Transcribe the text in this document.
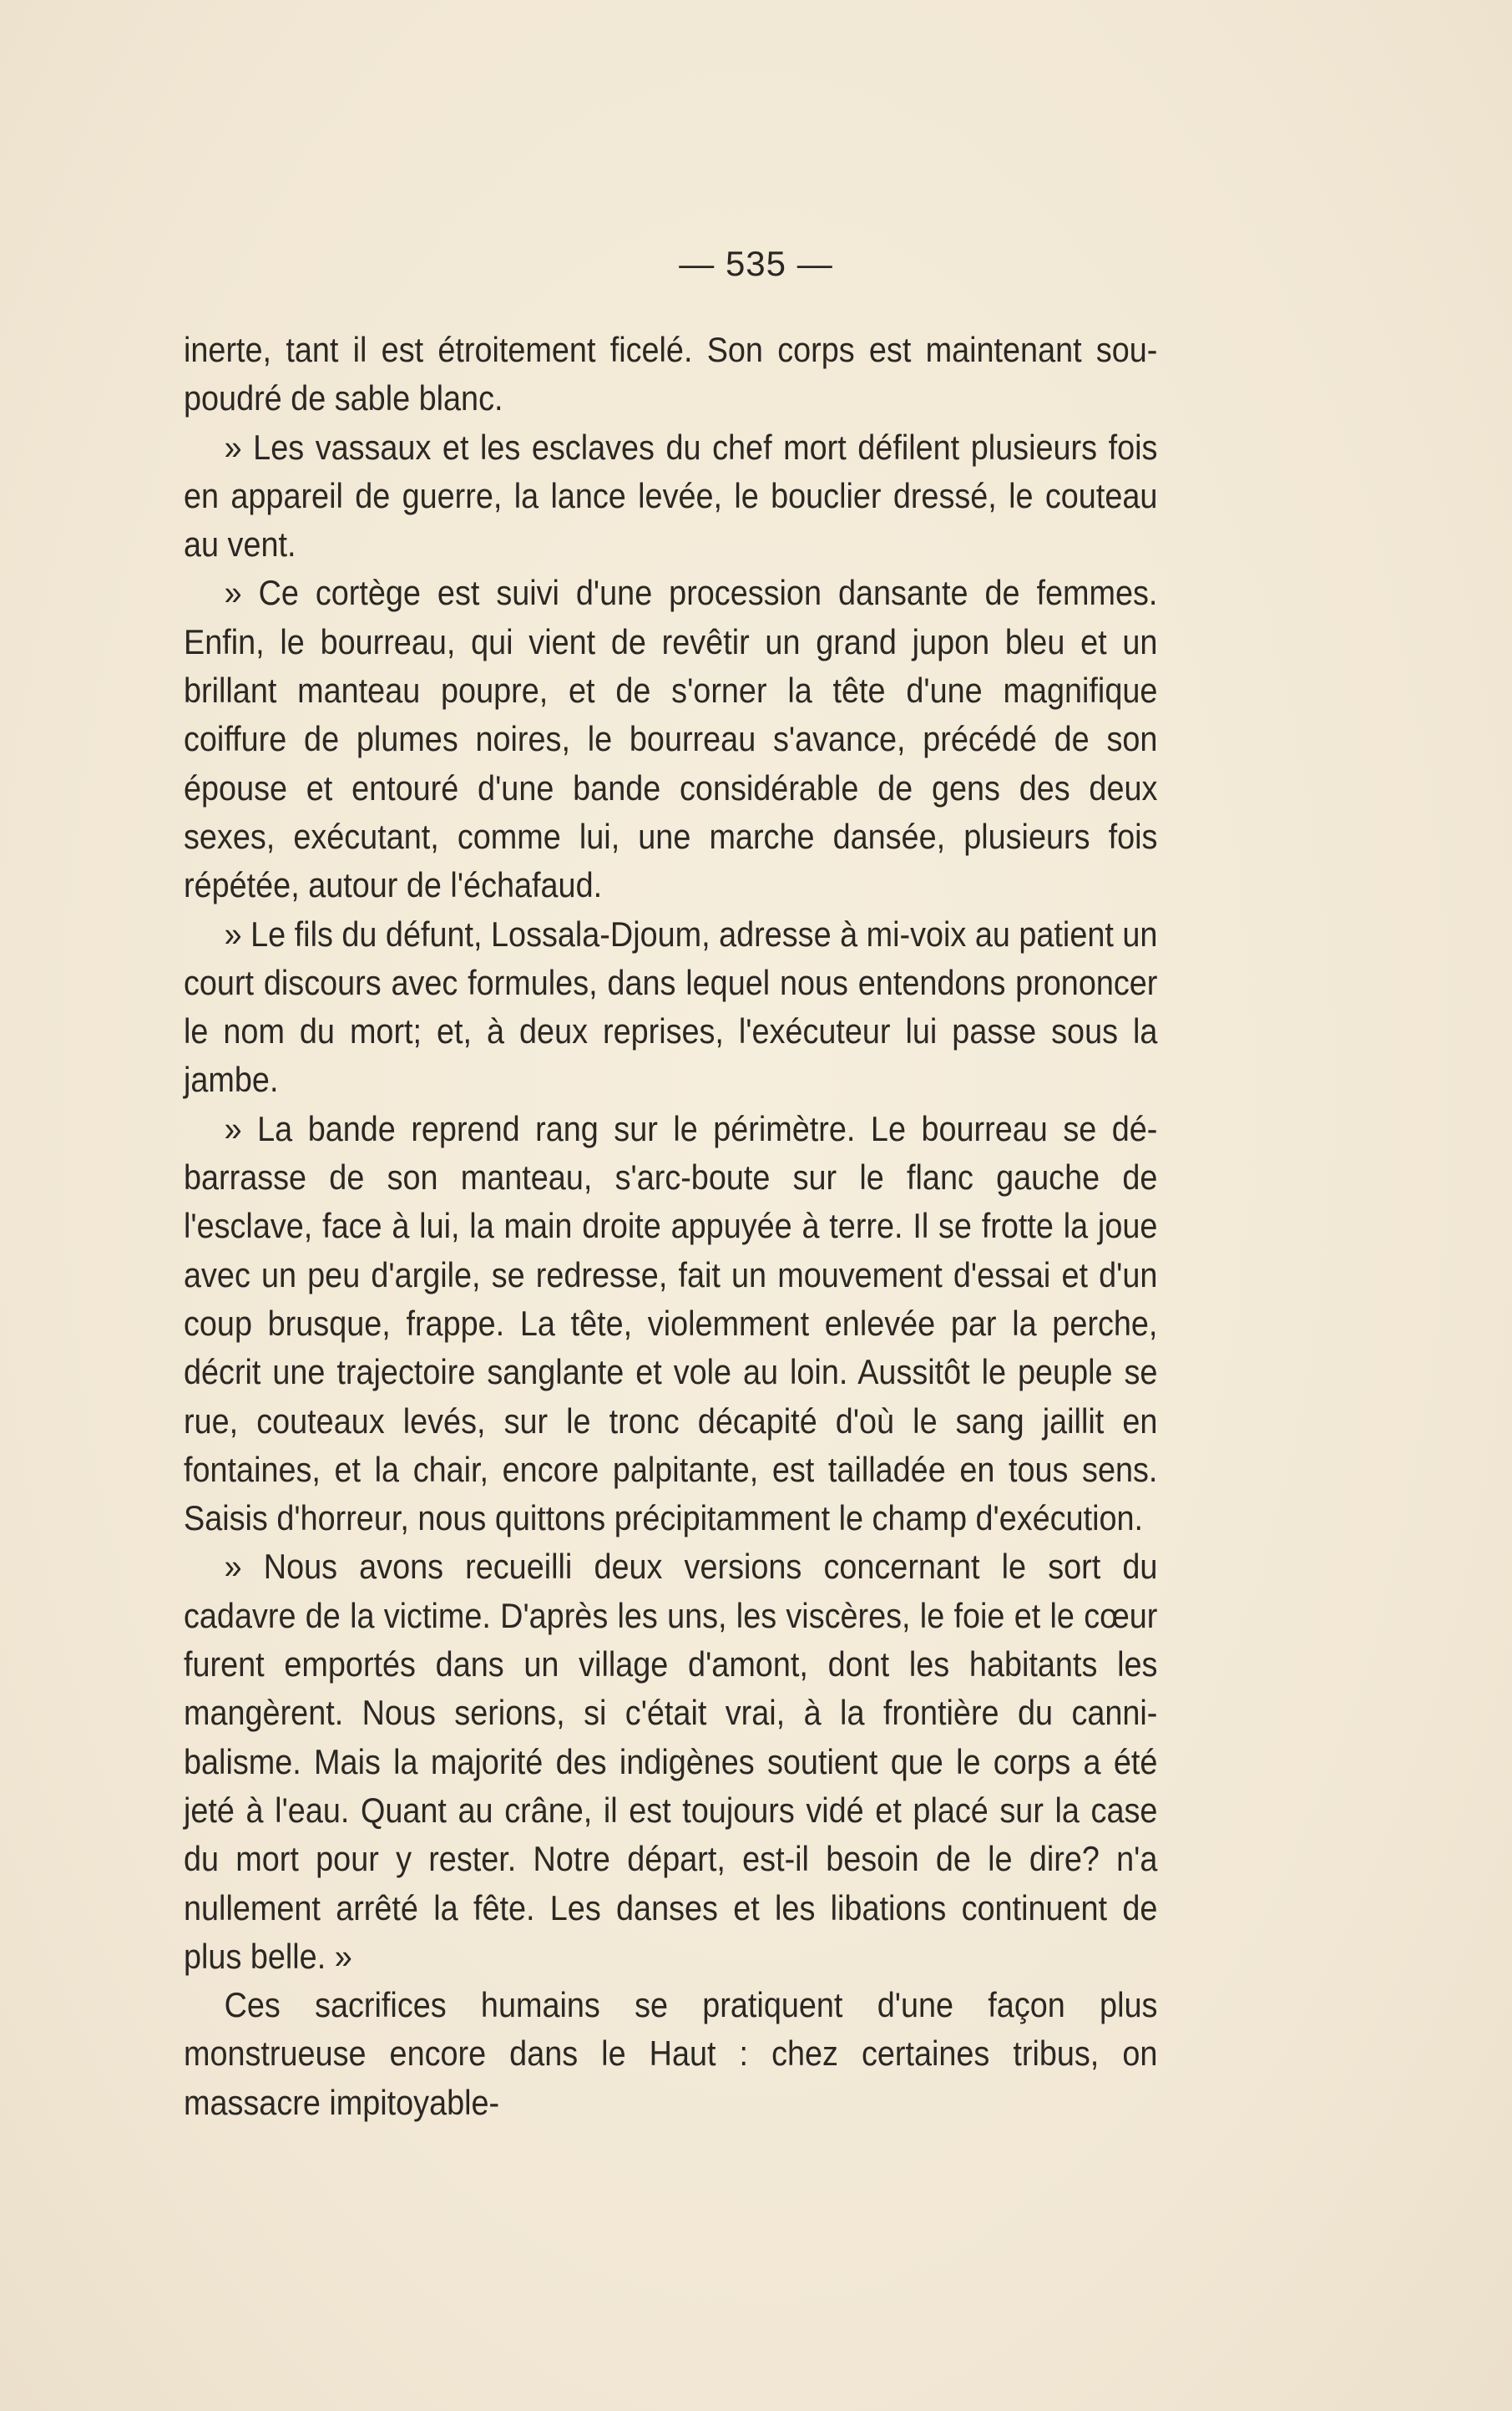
— 535 —

inerte, tant il est étroitement ficelé. Son corps est maintenant sou-poudré de sable blanc.

» Les vassaux et les esclaves du chef mort défilent plusieurs fois en appareil de guerre, la lance levée, le bouclier dressé, le couteau au vent.

» Ce cortège est suivi d'une procession dansante de femmes. Enfin, le bourreau, qui vient de revêtir un grand jupon bleu et un brillant manteau poupre, et de s'orner la tête d'une magnifique coiffure de plumes noires, le bourreau s'avance, précédé de son épouse et entouré d'une bande considérable de gens des deux sexes, exécutant, comme lui, une marche dansée, plusieurs fois répétée, autour de l'échafaud.

» Le fils du défunt, Lossala-Djoum, adresse à mi-voix au patient un court discours avec formules, dans lequel nous entendons prononcer le nom du mort; et, à deux reprises, l'exécuteur lui passe sous la jambe.

» La bande reprend rang sur le périmètre. Le bourreau se dé-barrasse de son manteau, s'arc-boute sur le flanc gauche de l'esclave, face à lui, la main droite appuyée à terre. Il se frotte la joue avec un peu d'argile, se redresse, fait un mouvement d'essai et d'un coup brusque, frappe. La tête, violemment enlevée par la perche, décrit une trajectoire sanglante et vole au loin. Aussitôt le peuple se rue, couteaux levés, sur le tronc décapité d'où le sang jaillit en fontaines, et la chair, encore palpitante, est tailladée en tous sens. Saisis d'horreur, nous quittons précipitamment le champ d'exécution.

» Nous avons recueilli deux versions concernant le sort du cadavre de la victime. D'après les uns, les viscères, le foie et le cœur furent emportés dans un village d'amont, dont les habitants les mangèrent. Nous serions, si c'était vrai, à la frontière du canni-balisme. Mais la majorité des indigènes soutient que le corps a été jeté à l'eau. Quant au crâne, il est toujours vidé et placé sur la case du mort pour y rester. Notre départ, est-il besoin de le dire? n'a nullement arrêté la fête. Les danses et les libations continuent de plus belle. »

Ces sacrifices humains se pratiquent d'une façon plus monstrueuse encore dans le Haut : chez certaines tribus, on massacre impitoyable-
